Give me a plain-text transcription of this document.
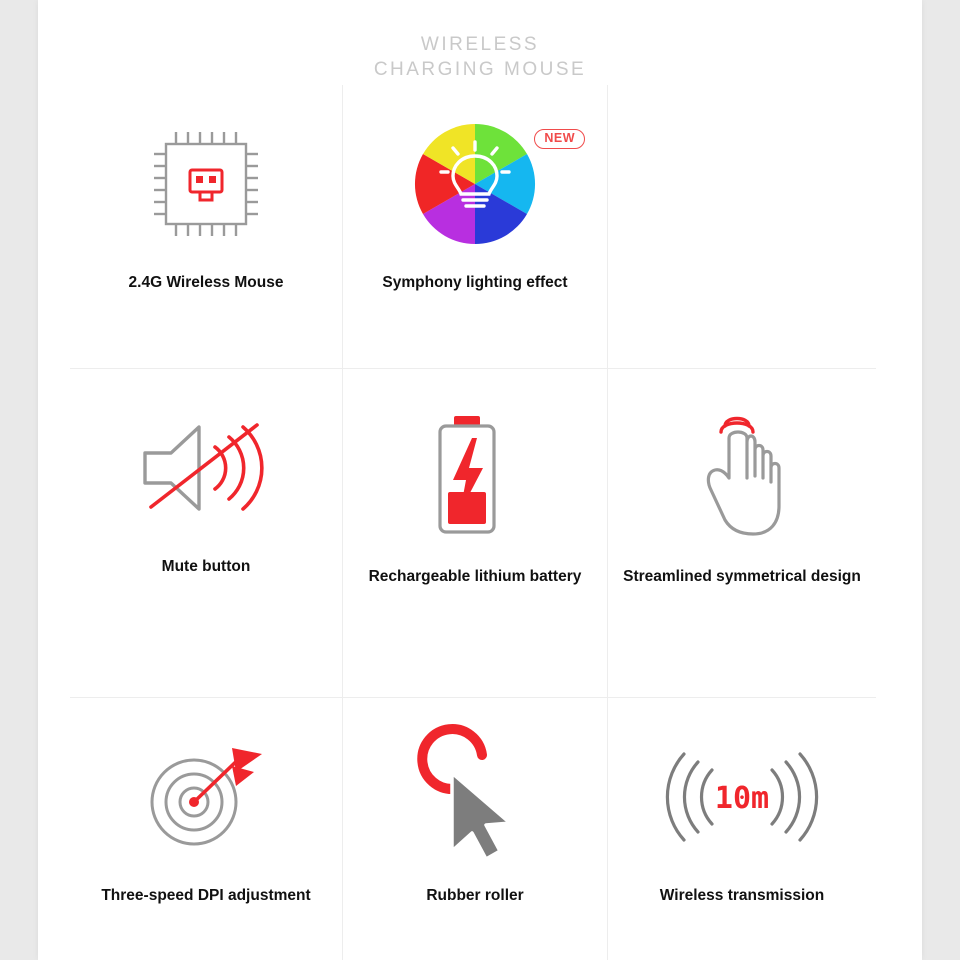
WIRELESS
CHARGING MOUSE
2.4G Wireless Mouse

NEW
Symphony lighting effect
Mute button

Rechargeable lithium battery	Streamlined symmetrical design
Three-speed DPI adjustment	Rubber roller
10m
Wireless transmission
